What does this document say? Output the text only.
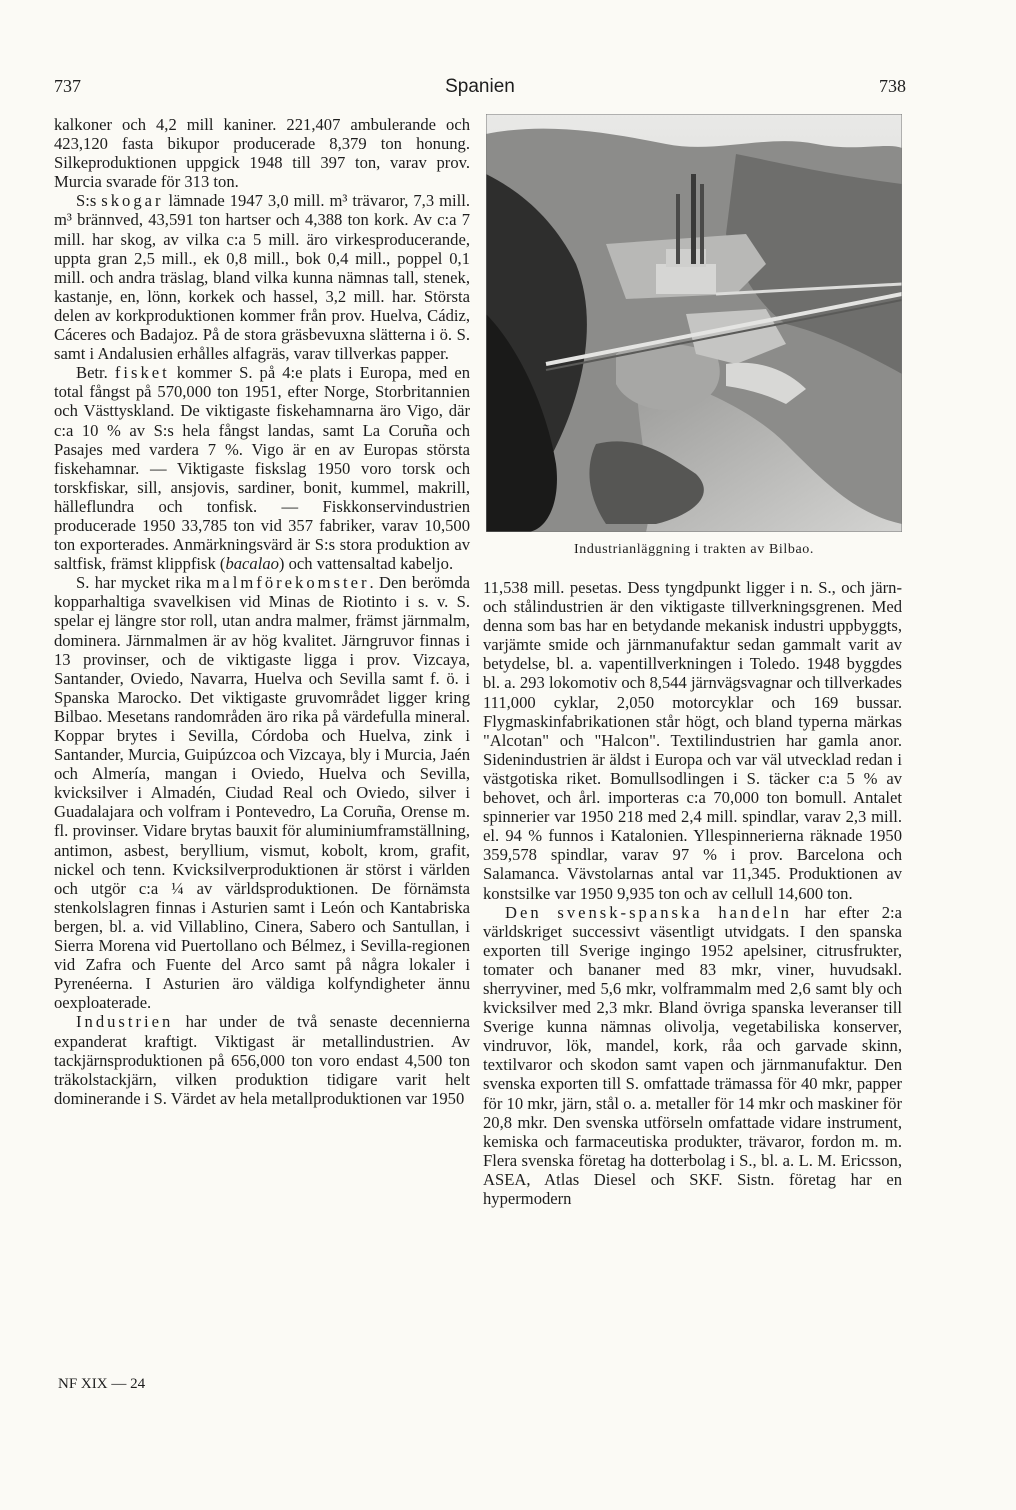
737	Spanien	738

kalkoner och 4,2 mill kaniner. 221,407 ambulerande och 423,120 fasta bikupor producerade 8,379 ton honung. Silkeproduktionen uppgick 1948 till 397 ton, varav prov. Murcia svarade för 313 ton.

S:s skogar lämnade 1947 3,0 mill. m³ trävaror, 7,3 mill. m³ brännved, 43,591 ton hartser och 4,388 ton kork. Av c:a 7 mill. har skog, av vilka c:a 5 mill. äro virkesproducerande, uppta gran 2,5 mill., ek 0,8 mill., bok 0,4 mill., poppel 0,1 mill. och andra träslag, bland vilka kunna nämnas tall, stenek, kastanje, en, lönn, korkek och hassel, 3,2 mill. har. Största delen av korkproduktionen kommer från prov. Huelva, Cádiz, Cáceres och Badajoz. På de stora gräsbevuxna slätterna i ö. S. samt i Andalusien erhålles alfagräs, varav tillverkas papper.

Betr. fisket kommer S. på 4:e plats i Europa, med en total fångst på 570,000 ton 1951, efter Norge, Storbritannien och Västtyskland. De viktigaste fiskehamnarna äro Vigo, där c:a 10 % av S:s hela fångst landas, samt La Coruña och Pasajes med vardera 7 %. Vigo är en av Europas största fiskehamnar. — Viktigaste fiskslag 1950 voro torsk och torskfiskar, sill, ansjovis, sardiner, bonit, kummel, makrill, hälleflundra och tonfisk. — Fiskkonservindustrien producerade 1950 33,785 ton vid 357 fabriker, varav 10,500 ton exporterades. Anmärkningsvärd är S:s stora produktion av saltfisk, främst klippfisk (bacalao) och vattensaltad kabeljo.

S. har mycket rika malmförekomster. Den berömda kopparhaltiga svavelkisen vid Minas de Riotinto i s. v. S. spelar ej längre stor roll, utan andra malmer, främst järnmalm, dominera. Järnmalmen är av hög kvalitet. Järngruvor finnas i 13 provinser, och de viktigaste ligga i prov. Vizcaya, Santander, Oviedo, Navarra, Huelva och Sevilla samt f. ö. i Spanska Marocko. Det viktigaste gruvområdet ligger kring Bilbao. Mesetans randområden äro rika på värdefulla mineral. Koppar brytes i Sevilla, Córdoba och Huelva, zink i Santander, Murcia, Guipúzcoa och Vizcaya, bly i Murcia, Jaén och Almería, mangan i Oviedo, Huelva och Sevilla, kvicksilver i Almadén, Ciudad Real och Oviedo, silver i Guadalajara och volfram i Pontevedro, La Coruña, Orense m. fl. provinser. Vidare brytas bauxit för aluminiumframställning, antimon, asbest, beryllium, vismut, kobolt, krom, grafit, nickel och tenn. Kvicksilverproduktionen är störst i världen och utgör c:a ¼ av världsproduktionen. De förnämsta stenkolslagren finnas i Asturien samt i León och Kantabriska bergen, bl. a. vid Villablino, Cinera, Sabero och Santullan, i Sierra Morena vid Puertollano och Bélmez, i Sevilla-regionen vid Zafra och Fuente del Arco samt på några lokaler i Pyrenéerna. I Asturien äro väldiga kolfyndigheter ännu oexploaterade.

Industrien har under de två senaste decennierna expanderat kraftigt. Viktigast är metallindustrien. Av tackjärnsproduktionen på 656,000 ton voro endast 4,500 ton träkolstackjärn, vilken produktion tidigare varit helt dominerande i S. Värdet av hela metallproduktionen var 1950

NF XIX — 24
Industrianläggning i trakten av Bilbao.

11,538 mill. pesetas. Dess tyngdpunkt ligger i n. S., och järn- och stålindustrien är den viktigaste tillverkningsgrenen. Med denna som bas har en betydande mekanisk industri uppbyggts, varjämte smide och järnmanufaktur sedan gammalt varit av betydelse, bl. a. vapentillverkningen i Toledo. 1948 byggdes bl. a. 293 lokomotiv och 8,544 järnvägsvagnar och tillverkades 111,000 cyklar, 2,050 motorcyklar och 169 bussar. Flygmaskinfabrikationen står högt, och bland typerna märkas "Alcotan" och "Halcon". Textilindustrien har gamla anor. Sidenindustrien är äldst i Europa och var väl utvecklad redan i västgotiska riket. Bomullsodlingen i S. täcker c:a 5 % av behovet, och årl. importeras c:a 70,000 ton bomull. Antalet spinnerier var 1950 218 med 2,4 mill. spindlar, varav 2,3 mill. el. 94 % funnos i Katalonien. Yllespinnerierna räknade 1950 359,578 spindlar, varav 97 % i prov. Barcelona och Salamanca. Vävstolarnas antal var 11,345. Produktionen av konstsilke var 1950 9,935 ton och av cellull 14,600 ton.

Den svensk-spanska handeln har efter 2:a världskriget successivt väsentligt utvidgats. I den spanska exporten till Sverige ingingo 1952 apelsiner, citrusfrukter, tomater och bananer med 83 mkr, viner, huvudsakl. sherryviner, med 5,6 mkr, volframmalm med 2,6 samt bly och kvicksilver med 2,3 mkr. Bland övriga spanska leveranser till Sverige kunna nämnas olivolja, vegetabiliska konserver, vindruvor, lök, mandel, kork, råa och garvade skinn, textilvaror och skodon samt vapen och järnmanufaktur. Den svenska exporten till S. omfattade trämassa för 40 mkr, papper för 10 mkr, järn, stål o. a. metaller för 14 mkr och maskiner för 20,8 mkr. Den svenska utförseln omfattade vidare instrument, kemiska och farmaceutiska produkter, trävaror, fordon m. m. Flera svenska företag ha dotterbolag i S., bl. a. L. M. Ericsson, ASEA, Atlas Diesel och SKF. Sistn. företag har en hypermodern
